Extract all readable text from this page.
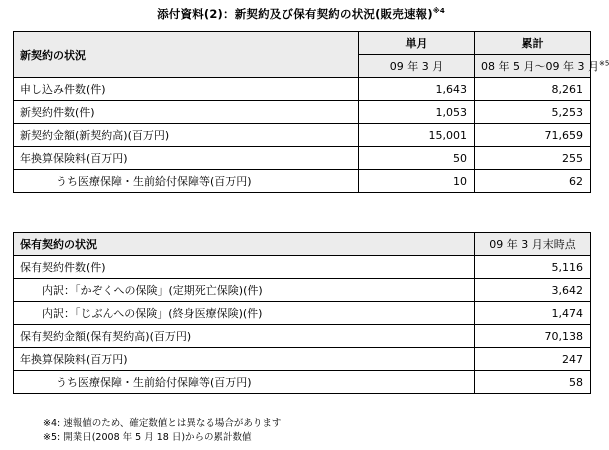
添付資料(2)：新契約及び保有契約の状況(販売速報)$^{※4}$
新契約の状況	単月	累計
	09 年 3 月	08 年 5 月～09 年 3 月$^{※5}$
申し込み件数(件)	1,643	8,261
新契約件数(件)	1,053	5,253
新契約金額(新契約高)(百万円)	15,001	71,659
年換算保険料(百万円)	50	255
うち医療保障・生前給付保障等(百万円)	10	62
保有契約の状況	09 年 3 月末時点
保有契約件数(件)	5,116
内訳：「かぞくへの保険」(定期死亡保険)(件)	3,642
内訳：「じぶんへの保険」(終身医療保険)(件)	1,474
保有契約金額(保有契約高)(百万円)	70,138
年換算保険料(百万円)	247
うち医療保障・生前給付保障等(百万円)	58
※4: 速報値のため、確定数値とは異なる場合があります
※5: 開業日(2008 年 5 月 18 日)からの累計数値
